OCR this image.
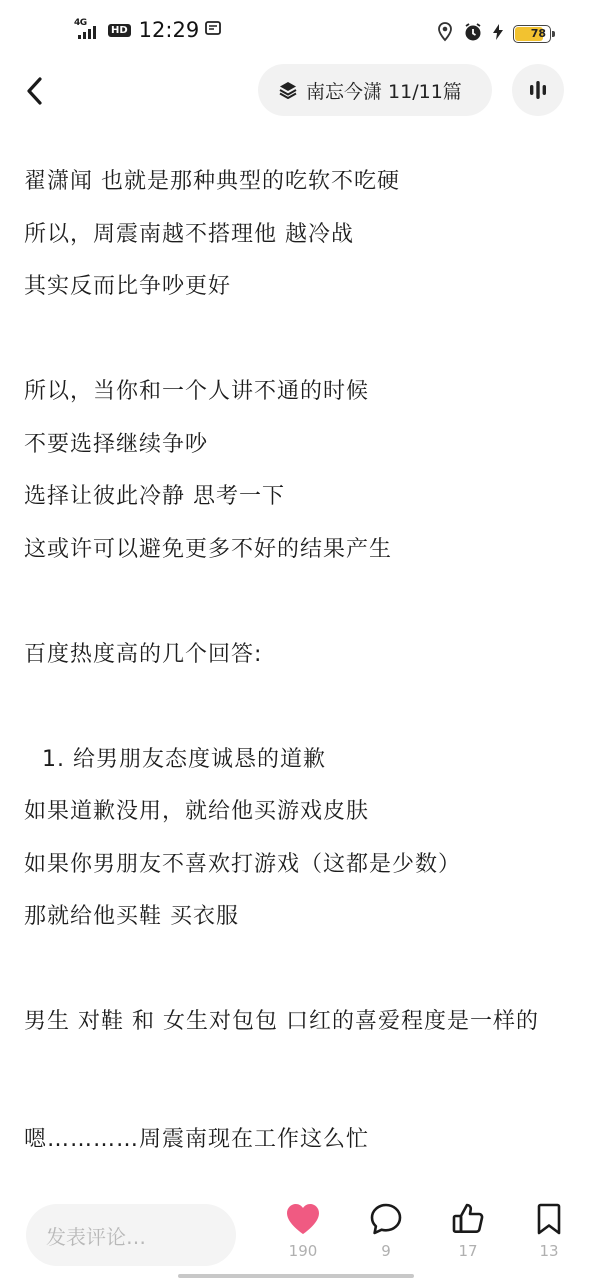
4G
HD 12:29	78
南忘今潇 11/11篇
翟潇闻 也就是那种典型的吃软不吃硬
所以，周震南越不搭理他 越冷战
其实反而比争吵更好
所以，当你和一个人讲不通的时候
不要选择继续争吵
选择让彼此冷静 思考一下
这或许可以避免更多不好的结果产生
百度热度高的几个回答:
1. 给男朋友态度诚恳的道歉
如果道歉没用，就给他买游戏皮肤
如果你男朋友不喜欢打游戏（这都是少数）
那就给他买鞋 买衣服
男生 对鞋 和 女生对包包 口红的喜爱程度是一样的
嗯…………周震南现在工作这么忙
发表评论…
190	9	17	13
